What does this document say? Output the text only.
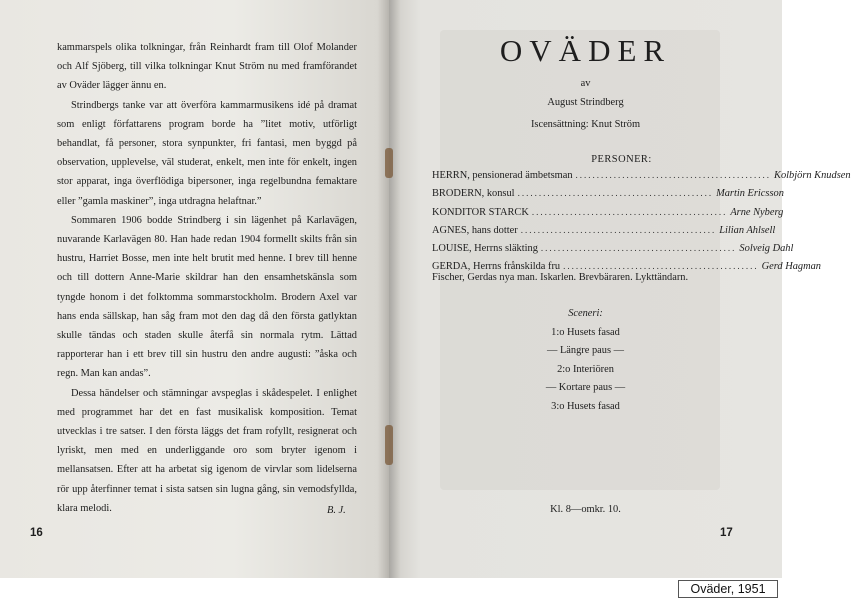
kammarspels olika tolkningar, från Reinhardt fram till Olof Molander och Alf Sjöberg, till vilka tolkningar Knut Ström nu med framförandet av Oväder lägger ännu en.

Strindbergs tanke var att överföra kammarmusikens idé på dramat som enligt författarens program borde ha ”litet motiv, utförligt behandlat, få personer, stora synpunkter, fri fantasi, men byggd på observation, upplevelse, väl studerat, enkelt, men inte för enkelt, ingen stor apparat, inga överflödiga bipersoner, inga regelbundna femaktare eller ”gamla maskiner”, inga utdragna helaftnar.”

Sommaren 1906 bodde Strindberg i sin lägenhet på Karlavägen, nuvarande Karlavägen 80. Han hade redan 1904 formellt skilts från sin hustru, Harriet Bosse, men inte helt brutit med henne. I brev till henne och till dottern Anne-Marie skildrar han den ensamhetskänsla som tyngde honom i det folktomma sommarstockholm. Brodern Axel var hans enda sällskap, han såg fram mot den dag då den första gatlyktan skulle tändas och staden skulle återfå sin normala rytm. Lättad rapporterar han i ett brev till sin hustru den andre augusti: ”åska och regn. Man kan andas”.

Dessa händelser och stämningar avspeglas i skådespelet. I enlighet med programmet har det en fast musikalisk komposition. Temat utvecklas i tre satser. I den första läggs det fram rofyllt, resignerat och lyriskt, men med en underliggande oro som bryter igenom i mellansatsen. Efter att ha arbetat sig igenom de virvlar som lidelserna rör upp återfinner temat i sista satsen sin lugna gång, sin vemodsfyllda, klara melodi.	B. J.
16
OVÄDER
av
August Strindberg
Iscensättning: Knut Ström
PERSONER:
HERRN, pensionerad ämbetsman .............................................. Kolbjörn Knudsen
BRODERN, konsul .............................................. Martin Ericsson
KONDITOR STARCK .............................................. Arne Nyberg
AGNES, hans dotter .............................................. Lilian Ahlsell
LOUISE, Herrns släkting .............................................. Solveig Dahl
GERDA, Herrns frånskilda fru .............................................. Gerd Hagman
Fischer, Gerdas nya man. Iskarlen. Brevbäraren. Lykttändarn.
Sceneri:
1:o Husets fasad
— Längre paus —
2:o Interiören
— Kortare paus —
3:o Husets fasad
Kl. 8—omkr. 10.
17
Oväder, 1951
